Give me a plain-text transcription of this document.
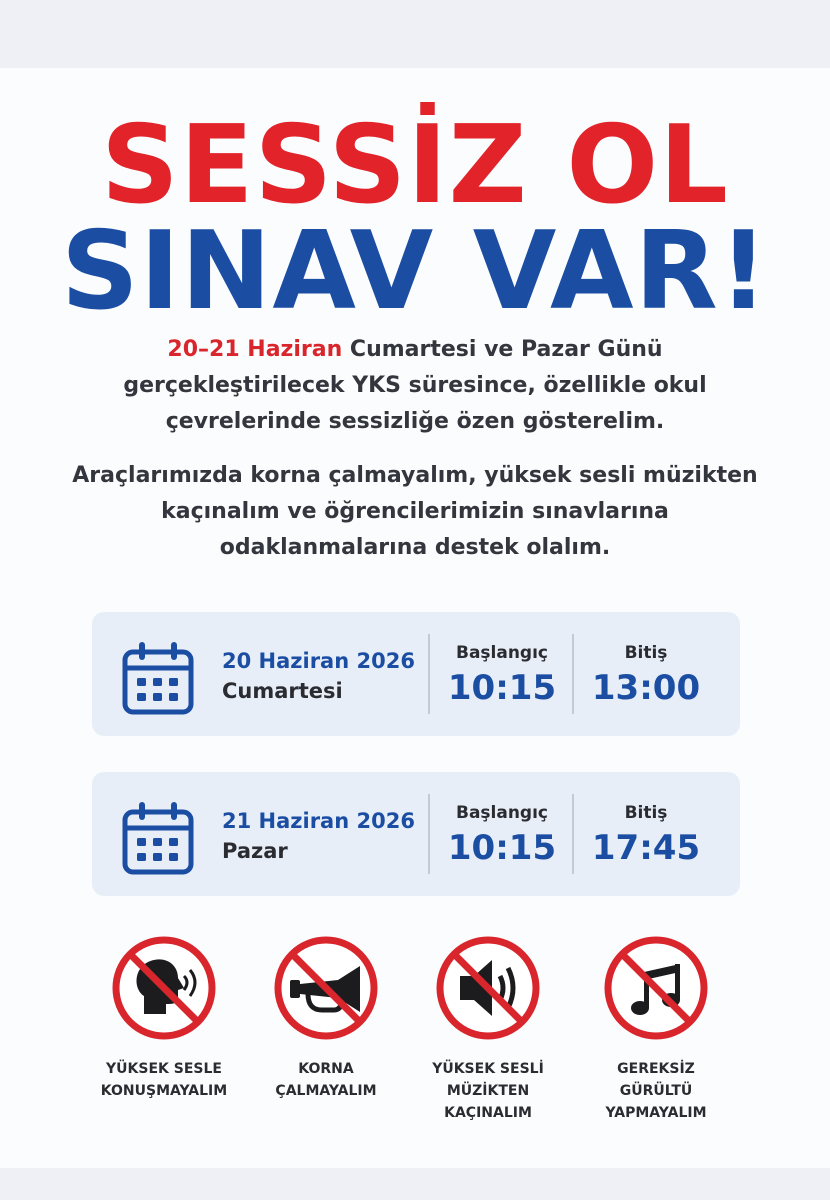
SESSİZ OL
SINAV VAR!
20–21 Haziran Cumartesi ve Pazar Günü gerçekleştirilecek YKS süresince, özellikle okul çevrelerinde sessizliğe özen gösterelim.
Araçlarımızda korna çalmayalım, yüksek sesli müzikten kaçınalım ve öğrencilerimizin sınavlarına odaklanmalarına destek olalım.
20 Haziran 2026
Cumartesi
Başlangıç
10:15
Bitiş
13:00
21 Haziran 2026
Pazar
Başlangıç
10:15
Bitiş
17:45
YÜKSEK SESLE
KONUŞMAYALIM
KORNA
ÇALMAYALIM
YÜKSEK SESLİ
MÜZİKTEN
KAÇINALIM
GEREKSİZ
GÜRÜLTÜ
YAPMAYALIM
